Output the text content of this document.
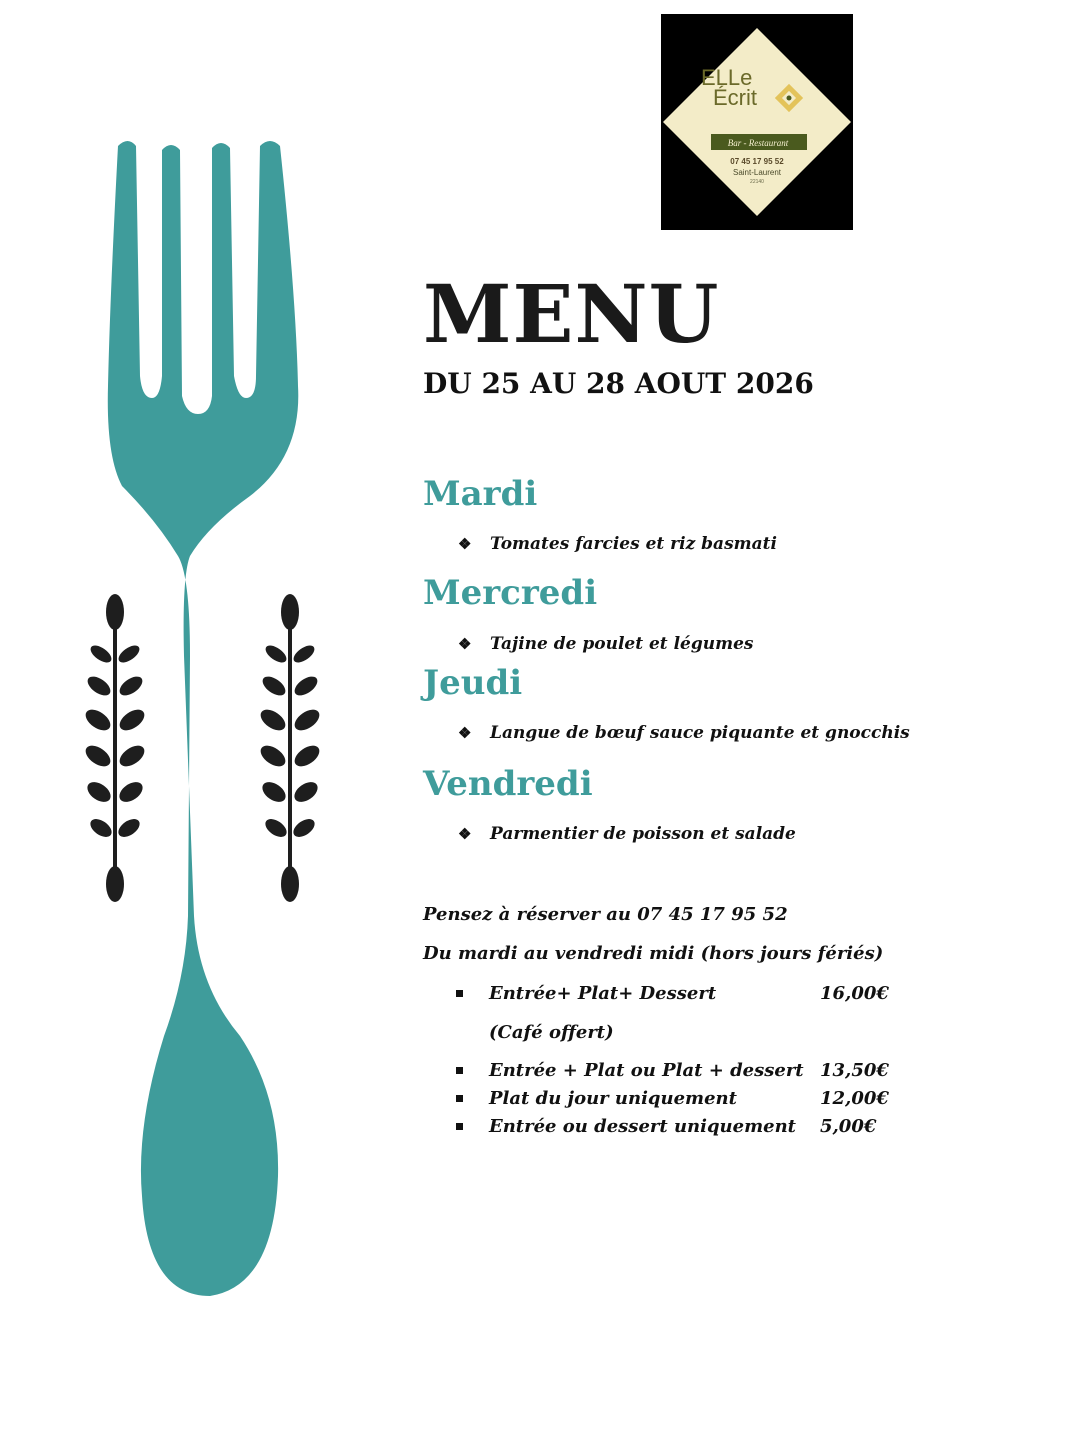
ELLe
Écrit
Bar - Restaurant
07 45 17 95 52
Saint-Laurent
22140
MENU
DU 25 AU 28 AOUT 2026
Mardi
❖ Tomates farcies et riz basmati
Mercredi
❖ Tajine de poulet et légumes
Jeudi
❖ Langue de bœuf sauce piquante et gnocchis
Vendredi
❖ Parmentier de poisson et salade
Pensez à réserver au 07 45 17 95 52
Du mardi au vendredi midi (hors jours fériés)
Entrée+ Plat+ Dessert	16,00€
(Café offert)
Entrée + Plat ou Plat + dessert 13,50€
Plat du jour uniquement	12,00€
Entrée ou dessert uniquement 5,00€
